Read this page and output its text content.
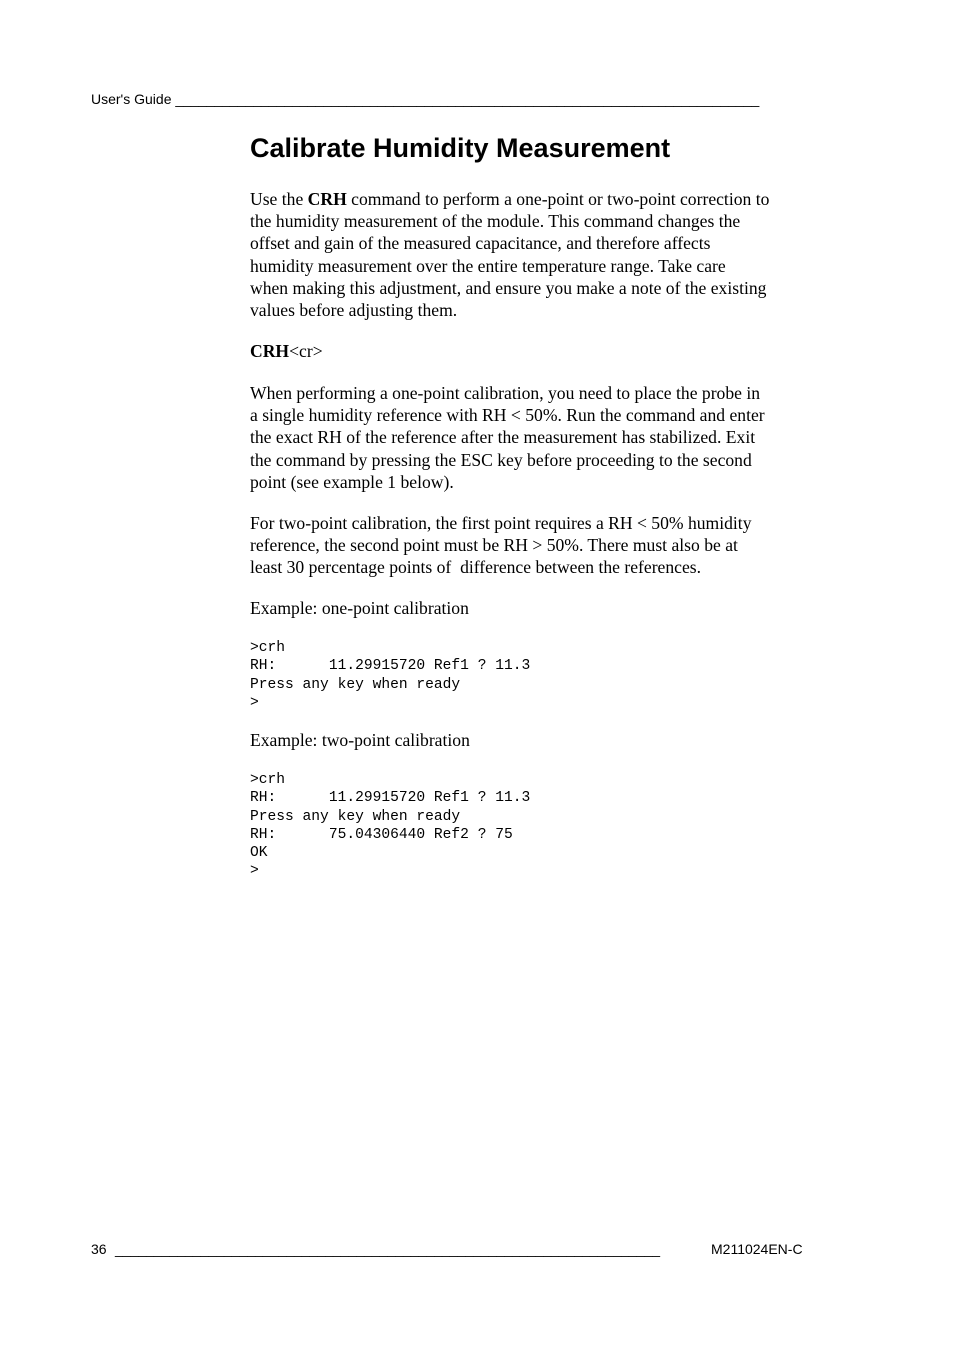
User's Guide ___________________________________________________________________________
Calibrate Humidity Measurement
Use the CRH command to perform a one-point or two-point correction to
the humidity measurement of the module. This command changes the
offset and gain of the measured capacitance, and therefore affects
humidity measurement over the entire temperature range. Take care
when making this adjustment, and ensure you make a note of the existing
values before adjusting them.
CRH<cr>
When performing a one-point calibration, you need to place the probe in
a single humidity reference with RH < 50%. Run the command and enter
the exact RH of the reference after the measurement has stabilized. Exit
the command by pressing the ESC key before proceeding to the second
point (see example 1 below).
For two-point calibration, the first point requires a RH < 50% humidity
reference, the second point must be RH > 50%. There must also be at
least 30 percentage points of  difference between the references.
Example: one-point calibration
>crh
RH:      11.29915720 Ref1 ? 11.3
Press any key when ready
>
Example: two-point calibration
>crh
RH:      11.29915720 Ref1 ? 11.3
Press any key when ready
RH:      75.04306440 Ref2 ? 75
OK
>
36 ______________________________________________________________________	M211024EN-C
